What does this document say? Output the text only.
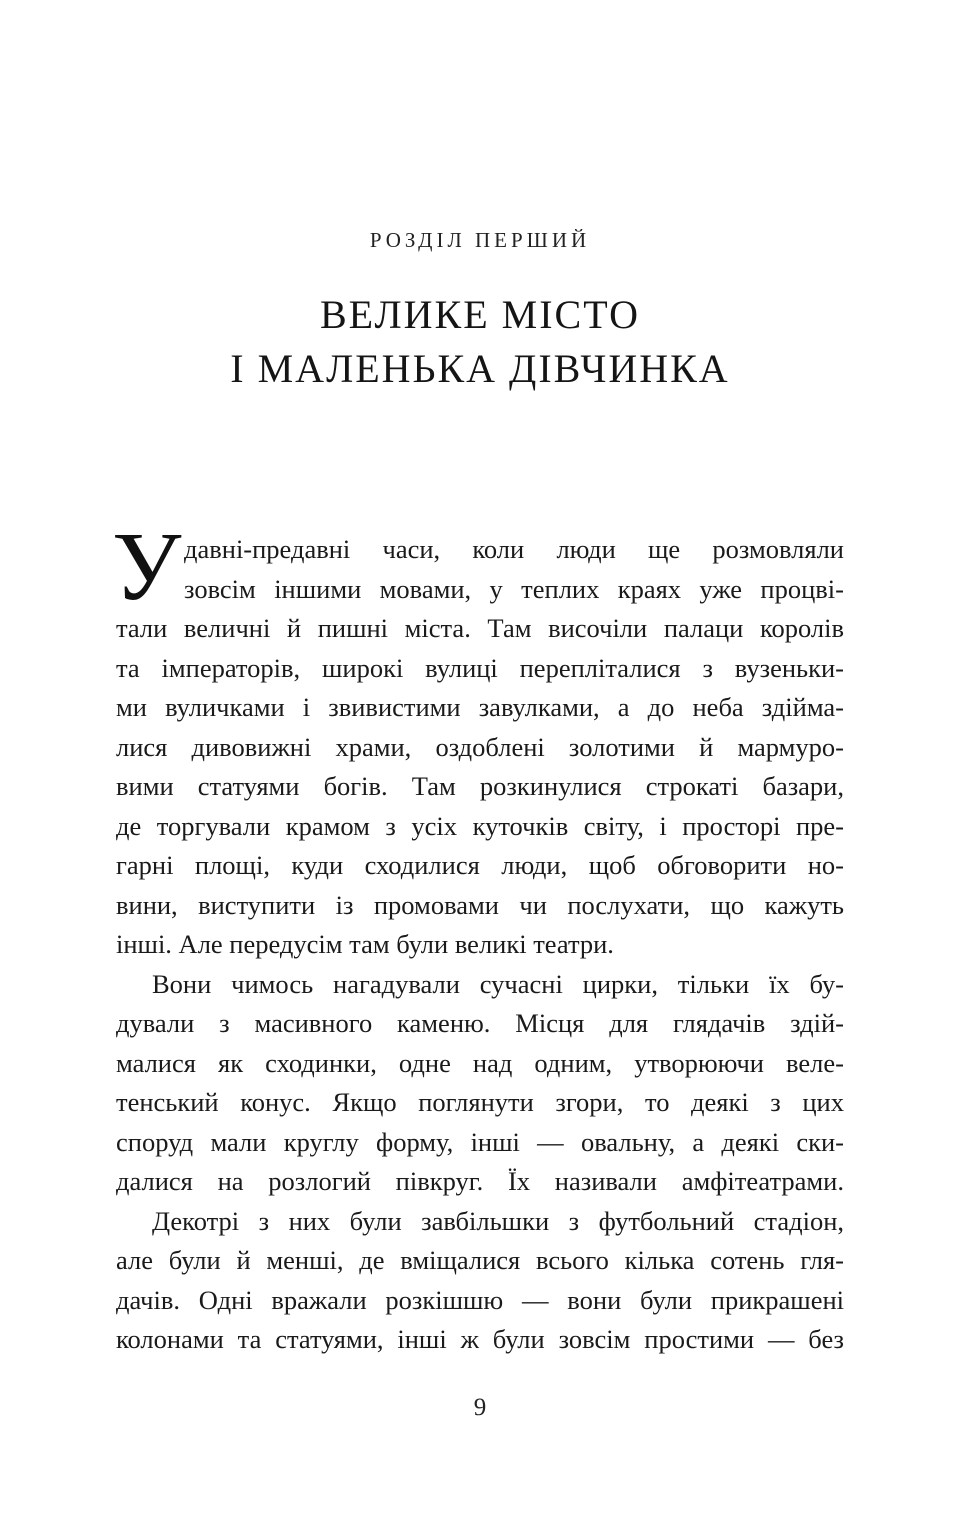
РОЗДІЛ ПЕРШИЙ
ВЕЛИКЕ МІСТО
І МАЛЕНЬКА ДІВЧИНКА
У давні-предавні часи, коли люди ще розмовляли
зовсім іншими мовами, у теплих краях уже процві-
тали величні й пишні міста. Там височіли палаци королів
та імператорів, широкі вулиці перепліталися з вузеньки-
ми вуличками і звивистими завулками, а до неба здійма-
лися дивовижні храми, оздоблені золотими й мармуро-
вими статуями богів. Там розкинулися строкаті базари,
де торгували крамом з усіх куточків світу, і просторі пре-
гарні площі, куди сходилися люди, щоб обговорити но-
вини, виступити із промовами чи послухати, що кажуть
інші. Але передусім там були великі театри.

Вони чимось нагадували сучасні цирки, тільки їх бу-
дували з масивного каменю. Місця для глядачів здій-
малися як сходинки, одне над одним, утворюючи веле-
тенський конус. Якщо поглянути згори, то деякі з цих
споруд мали круглу форму, інші — овальну, а деякі ски-
далися на розлогий півкруг. Їх називали амфітеатрами.

Декотрі з них були завбільшки з футбольний стадіон,
але були й менші, де вміщалися всього кілька сотень гля-
дачів. Одні вражали розкішшю — вони були прикрашені
колонами та статуями, інші ж були зовсім простими — без

9
